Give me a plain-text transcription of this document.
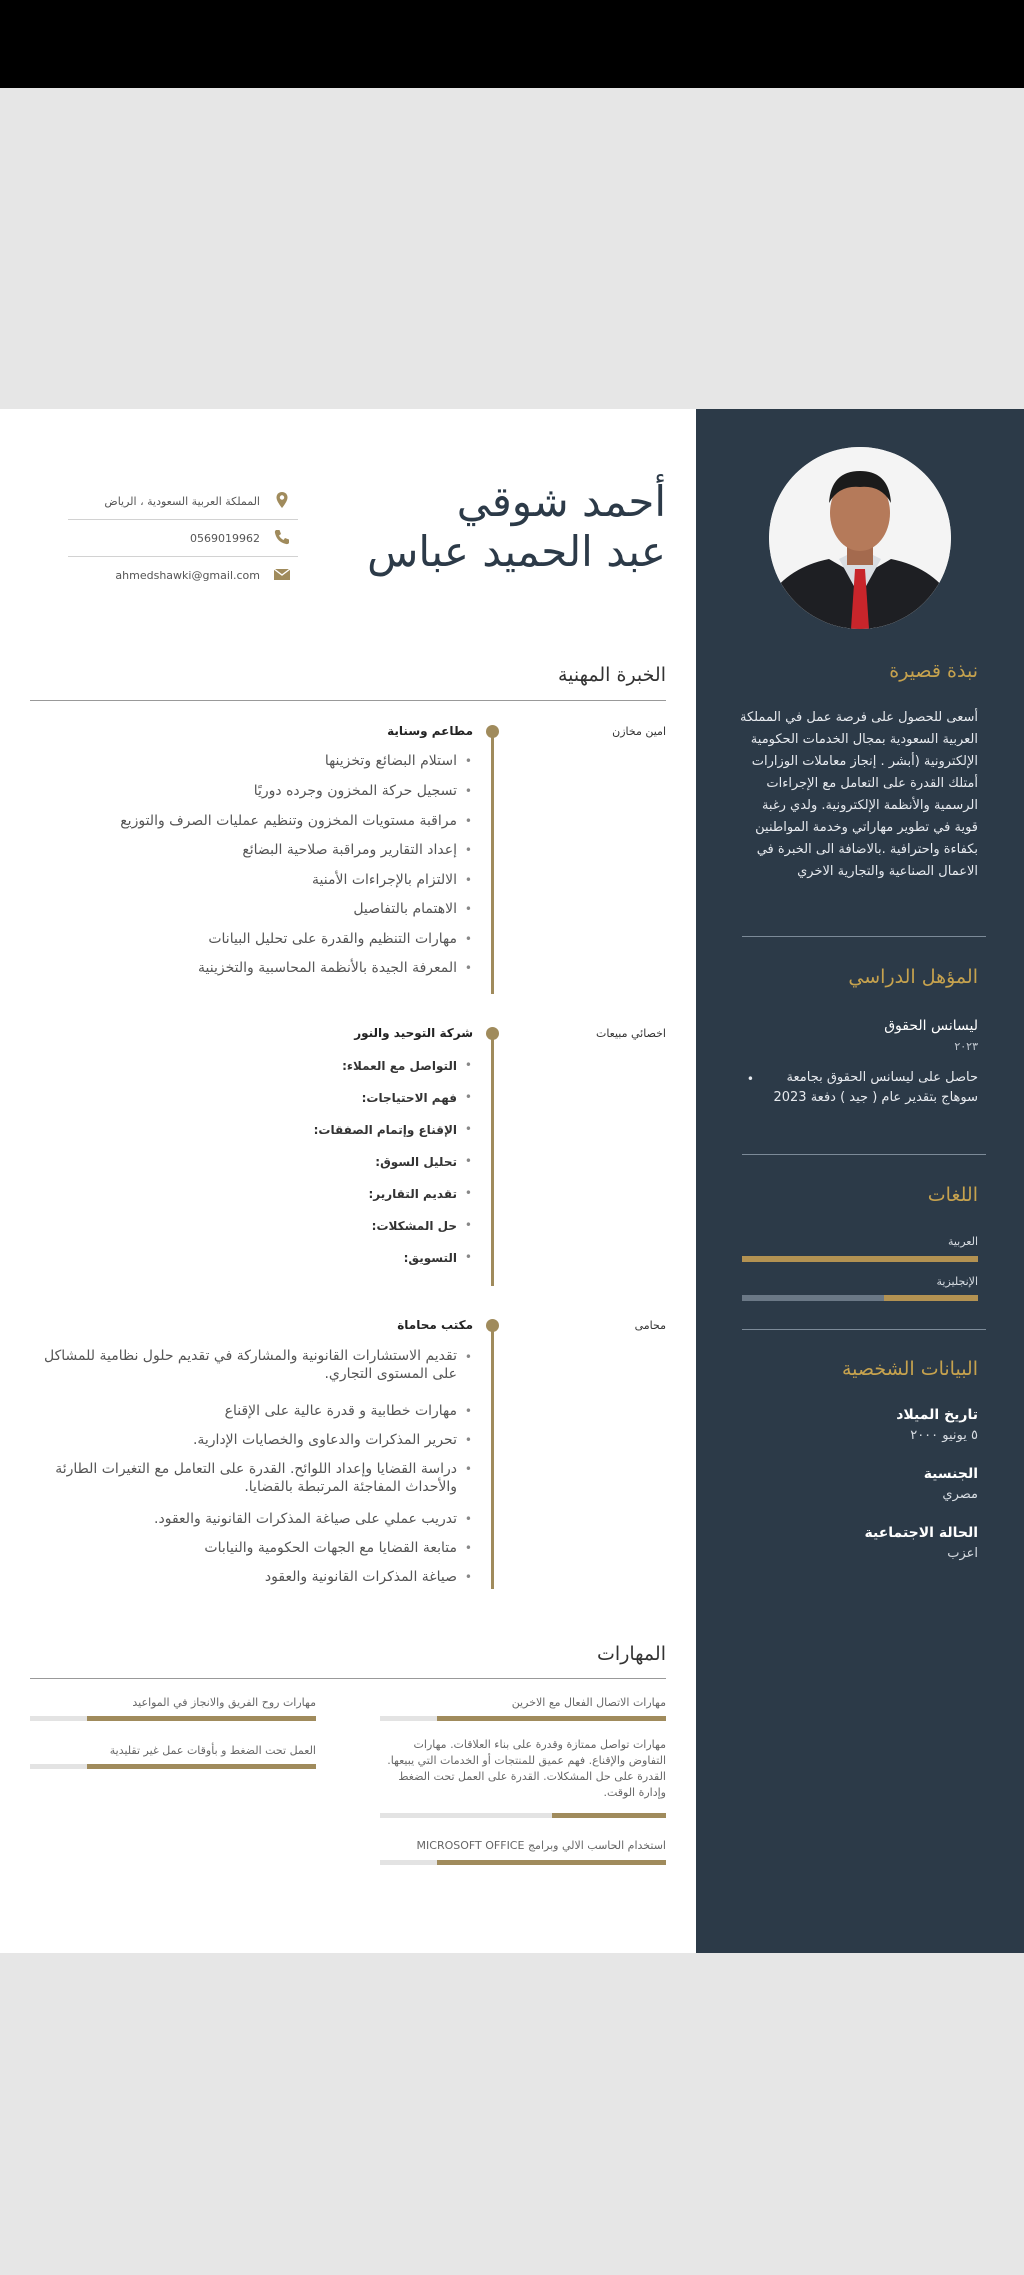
نبذة قصيرة
أسعى للحصول على فرصة عمل في المملكة العربية السعودية بمجال الخدمات الحكومية الإلكترونية (أبشر . إنجاز معاملات الوزارات أمتلك القدرة على التعامل مع الإجراءات الرسمية والأنظمة الإلكترونية. ولدي رغبة قوية في تطوير مهاراتي وخدمة المواطنين بكفاءة واحترافية .بالاضافة الى الخبرة في الاعمال الصناعية والتجارية الاخري
المؤهل الدراسي
ليسانس الحقوق
٢٠٢٣
•	حاصل على ليسانس الحقوق بجامعة سوهاج بتقدير عام ( جيد ) دفعة 2023
اللغات
العربية
الإنجليزية
البيانات الشخصية
تاريخ الميلاد
٥ يونيو ٢٠٠٠
الجنسية
مصري
الحالة الاجتماعية
اعزب
أحمد شوقي
عبد الحميد عباس
المملكة العربية السعودية ، الرياض
0569019962
ahmedshawki@gmail.com
الخبرة المهنية
امين مخازن
مطاعم وسناية
•
استلام البضائع وتخزينها
•
تسجيل حركة المخزون وجرده دوريًا
•
مراقبة مستويات المخزون وتنظيم عمليات الصرف والتوزيع
•
إعداد التقارير ومراقبة صلاحية البضائع
•
الالتزام بالإجراءات الأمنية
•
الاهتمام بالتفاصيل
•
مهارات التنظيم والقدرة على تحليل البيانات
•
المعرفة الجيدة بالأنظمة المحاسبية والتخزينية
اخصائي مبيعات
شركة التوحيد والنور
•
التواصل مع العملاء:
•
فهم الاحتياجات:
•
الإقناع وإتمام الصفقات:
•
تحليل السوق:
•
تقديم التقارير:
•
حل المشكلات:
•
التسويق:
محامى
مكتب محاماة
•
تقديم الاستشارات القانونية والمشاركة في تقديم حلول نظامية للمشاكل على المستوى التجاري.
•
مهارات خطابية و قدرة عالية على الإقناع
•
تحرير المذكرات والدعاوى والخصايات الإدارية.
•
دراسة القضايا وإعداد اللوائح. القدرة على التعامل مع التغيرات الطارئة والأحداث المفاجئة المرتبطة بالقضايا.
•
تدريب عملي على صياغة المذكرات القانونية والعقود.
•
متابعة القضايا مع الجهات الحكومية والنيابات
•
صياغة المذكرات القانونية والعقود
المهارات
مهارات الاتصال الفعال مع الاخرين
مهارات روح الفريق والانجاز في المواعيد
العمل تحت الضغط و بأوقات عمل غير تقليدية	مهارات تواصل ممتازة وقدرة على بناء العلاقات. مهارات التفاوض والإقناع. فهم عميق للمنتجات أو الخدمات التي يبيعها. القدرة على حل المشكلات. القدرة على العمل تحت الضغط وإدارة الوقت.
استخدام الحاسب الالي وبرامج MICROSOFT OFFICE
